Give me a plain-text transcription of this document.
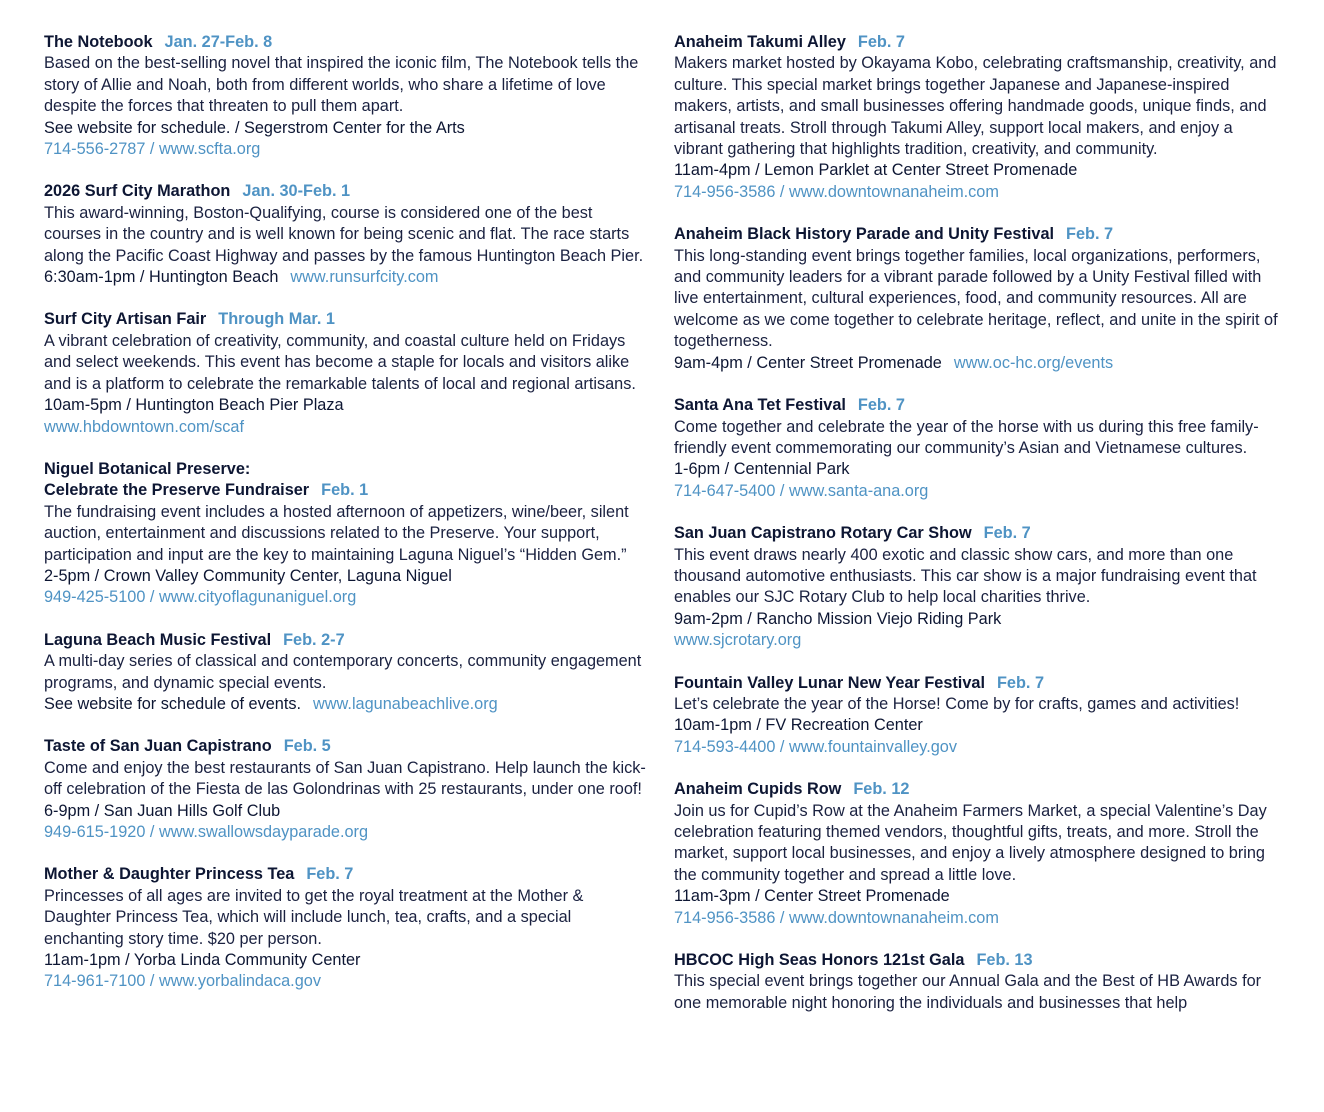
The Notebook Jan. 27-Feb. 8
Based on the best-selling novel that inspired the iconic film, The Notebook tells the story of Allie and Noah, both from different worlds, who share a lifetime of love despite the forces that threaten to pull them apart.
See website for schedule. / Segerstrom Center for the Arts
714-556-2787 / www.scfta.org
2026 Surf City Marathon Jan. 30-Feb. 1
This award-winning, Boston-Qualifying, course is considered one of the best courses in the country and is well known for being scenic and flat. The race starts along the Pacific Coast Highway and passes by the famous Huntington Beach Pier.
6:30am-1pm / Huntington Beach www.runsurfcity.com
Surf City Artisan Fair Through Mar. 1
A vibrant celebration of creativity, community, and coastal culture held on Fridays and select weekends. This event has become a staple for locals and visitors alike and is a platform to celebrate the remarkable talents of local and regional artisans.
10am-5pm / Huntington Beach Pier Plaza
www.hbdowntown.com/scaf
Niguel Botanical Preserve:
Celebrate the Preserve Fundraiser Feb. 1
The fundraising event includes a hosted afternoon of appetizers, wine/beer, silent auction, entertainment and discussions related to the Preserve. Your support, participation and input are the key to maintaining Laguna Niguel’s “Hidden Gem.”
2-5pm / Crown Valley Community Center, Laguna Niguel
949-425-5100 / www.cityoflagunaniguel.org
Laguna Beach Music Festival Feb. 2-7
A multi-day series of classical and contemporary concerts, community engagement programs, and dynamic special events.
See website for schedule of events. www.lagunabeachlive.org
Taste of San Juan Capistrano Feb. 5
Come and enjoy the best restaurants of San Juan Capistrano. Help launch the kick-off celebration of the Fiesta de las Golondrinas with 25 restaurants, under one roof!
6-9pm / San Juan Hills Golf Club
949-615-1920 / www.swallowsdayparade.org
Mother & Daughter Princess Tea Feb. 7
Princesses of all ages are invited to get the royal treatment at the Mother & Daughter Princess Tea, which will include lunch, tea, crafts, and a special enchanting story time. $20 per person.
11am-1pm / Yorba Linda Community Center
714-961-7100 / www.yorbalindaca.gov
Anaheim Takumi Alley Feb. 7
Makers market hosted by Okayama Kobo, celebrating craftsmanship, creativity, and culture. This special market brings together Japanese and Japanese-inspired makers, artists, and small businesses offering handmade goods, unique finds, and artisanal treats. Stroll through Takumi Alley, support local makers, and enjoy a vibrant gathering that highlights tradition, creativity, and community.
11am-4pm / Lemon Parklet at Center Street Promenade
714-956-3586 / www.downtownanaheim.com
Anaheim Black History Parade and Unity Festival Feb. 7
This long-standing event brings together families, local organizations, performers, and community leaders for a vibrant parade followed by a Unity Festival filled with live entertainment, cultural experiences, food, and community resources. All are welcome as we come together to celebrate heritage, reflect, and unite in the spirit of togetherness.
9am-4pm / Center Street Promenade www.oc-hc.org/events
Santa Ana Tet Festival Feb. 7
Come together and celebrate the year of the horse with us during this free family-friendly event commemorating our community’s Asian and Vietnamese cultures.
1-6pm / Centennial Park
714-647-5400 / www.santa-ana.org
San Juan Capistrano Rotary Car Show Feb. 7
This event draws nearly 400 exotic and classic show cars, and more than one thousand automotive enthusiasts. This car show is a major fundraising event that enables our SJC Rotary Club to help local charities thrive.
9am-2pm / Rancho Mission Viejo Riding Park
www.sjcrotary.org
Fountain Valley Lunar New Year Festival Feb. 7
Let’s celebrate the year of the Horse! Come by for crafts, games and activities!
10am-1pm / FV Recreation Center
714-593-4400 / www.fountainvalley.gov
Anaheim Cupids Row Feb. 12
Join us for Cupid’s Row at the Anaheim Farmers Market, a special Valentine’s Day celebration featuring themed vendors, thoughtful gifts, treats, and more. Stroll the market, support local businesses, and enjoy a lively atmosphere designed to bring the community together and spread a little love.
11am-3pm / Center Street Promenade
714-956-3586 / www.downtownanaheim.com
HBCOC High Seas Honors 121st Gala Feb. 13
This special event brings together our Annual Gala and the Best of HB Awards for one memorable night honoring the individuals and businesses that help
